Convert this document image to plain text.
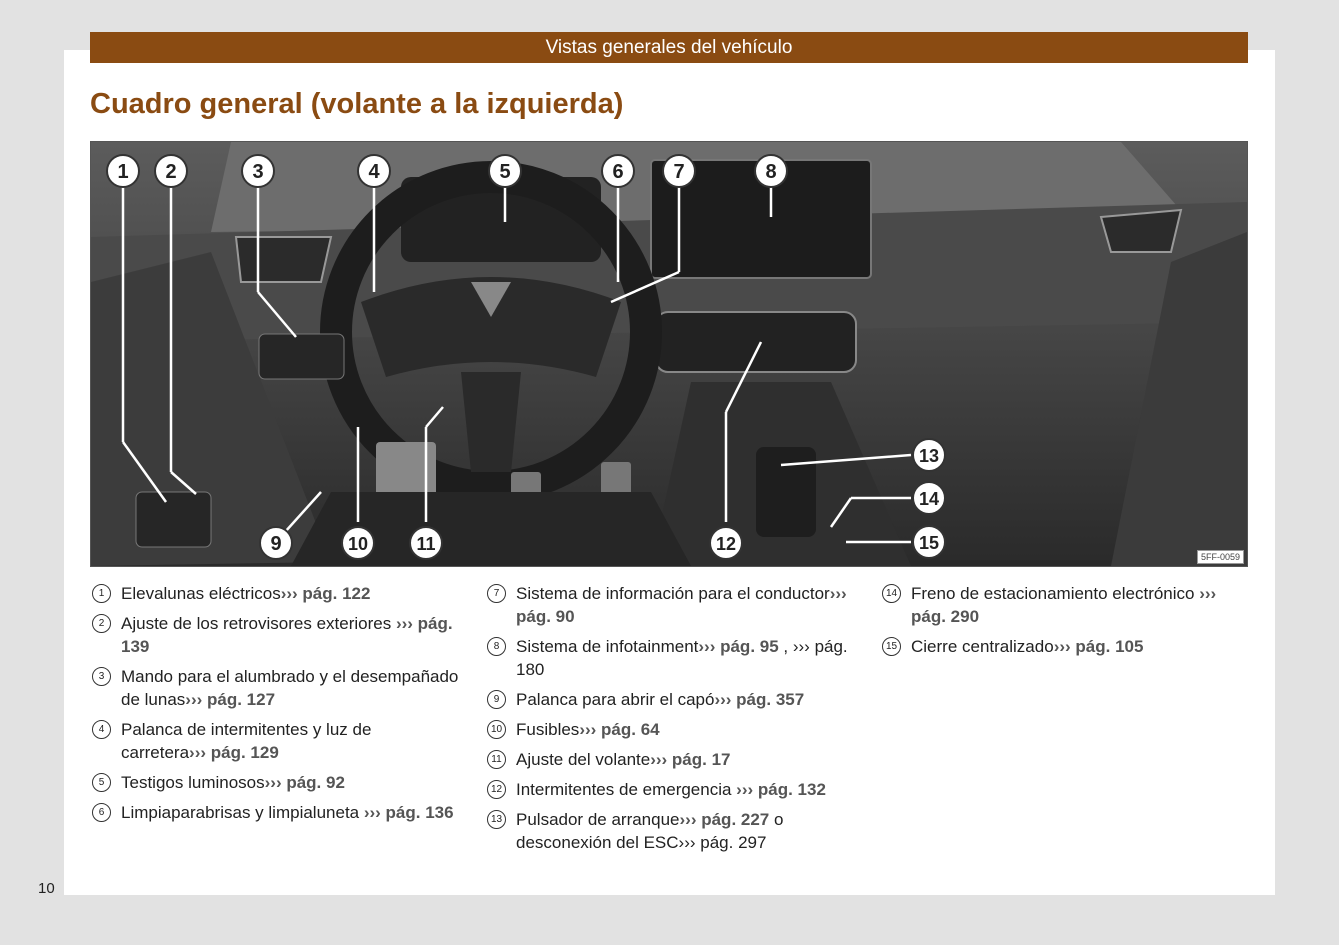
Vistas generales del vehículo
Cuadro general (volante a la izquierda)
1 2	3	4	5	6 7	8
9	10	11	12
13
14
15
5FF-0059
1 Elevalunas eléctricos››› pág. 122
2 Ajuste de los retrovisores exteriores ››› pág. 139
3 Mando para el alumbrado y el desempañado de lunas››› pág. 127
4 Palanca de intermitentes y luz de carretera››› pág. 129
5 Testigos luminosos››› pág. 92
6 Limpiaparabrisas y limpialuneta ››› pág. 136
7 Sistema de información para el conductor››› pág. 90
8 Sistema de infotainment››› pág. 95 , ››› pág. 180
9 Palanca para abrir el capó››› pág. 357
10 Fusibles››› pág. 64
11 Ajuste del volante››› pág. 17
12 Intermitentes de emergencia ››› pág. 132
13 Pulsador de arranque››› pág. 227 o desconexión del ESC››› pág. 297
14 Freno de estacionamiento electrónico ››› pág. 290
15 Cierre centralizado››› pág. 105
10
